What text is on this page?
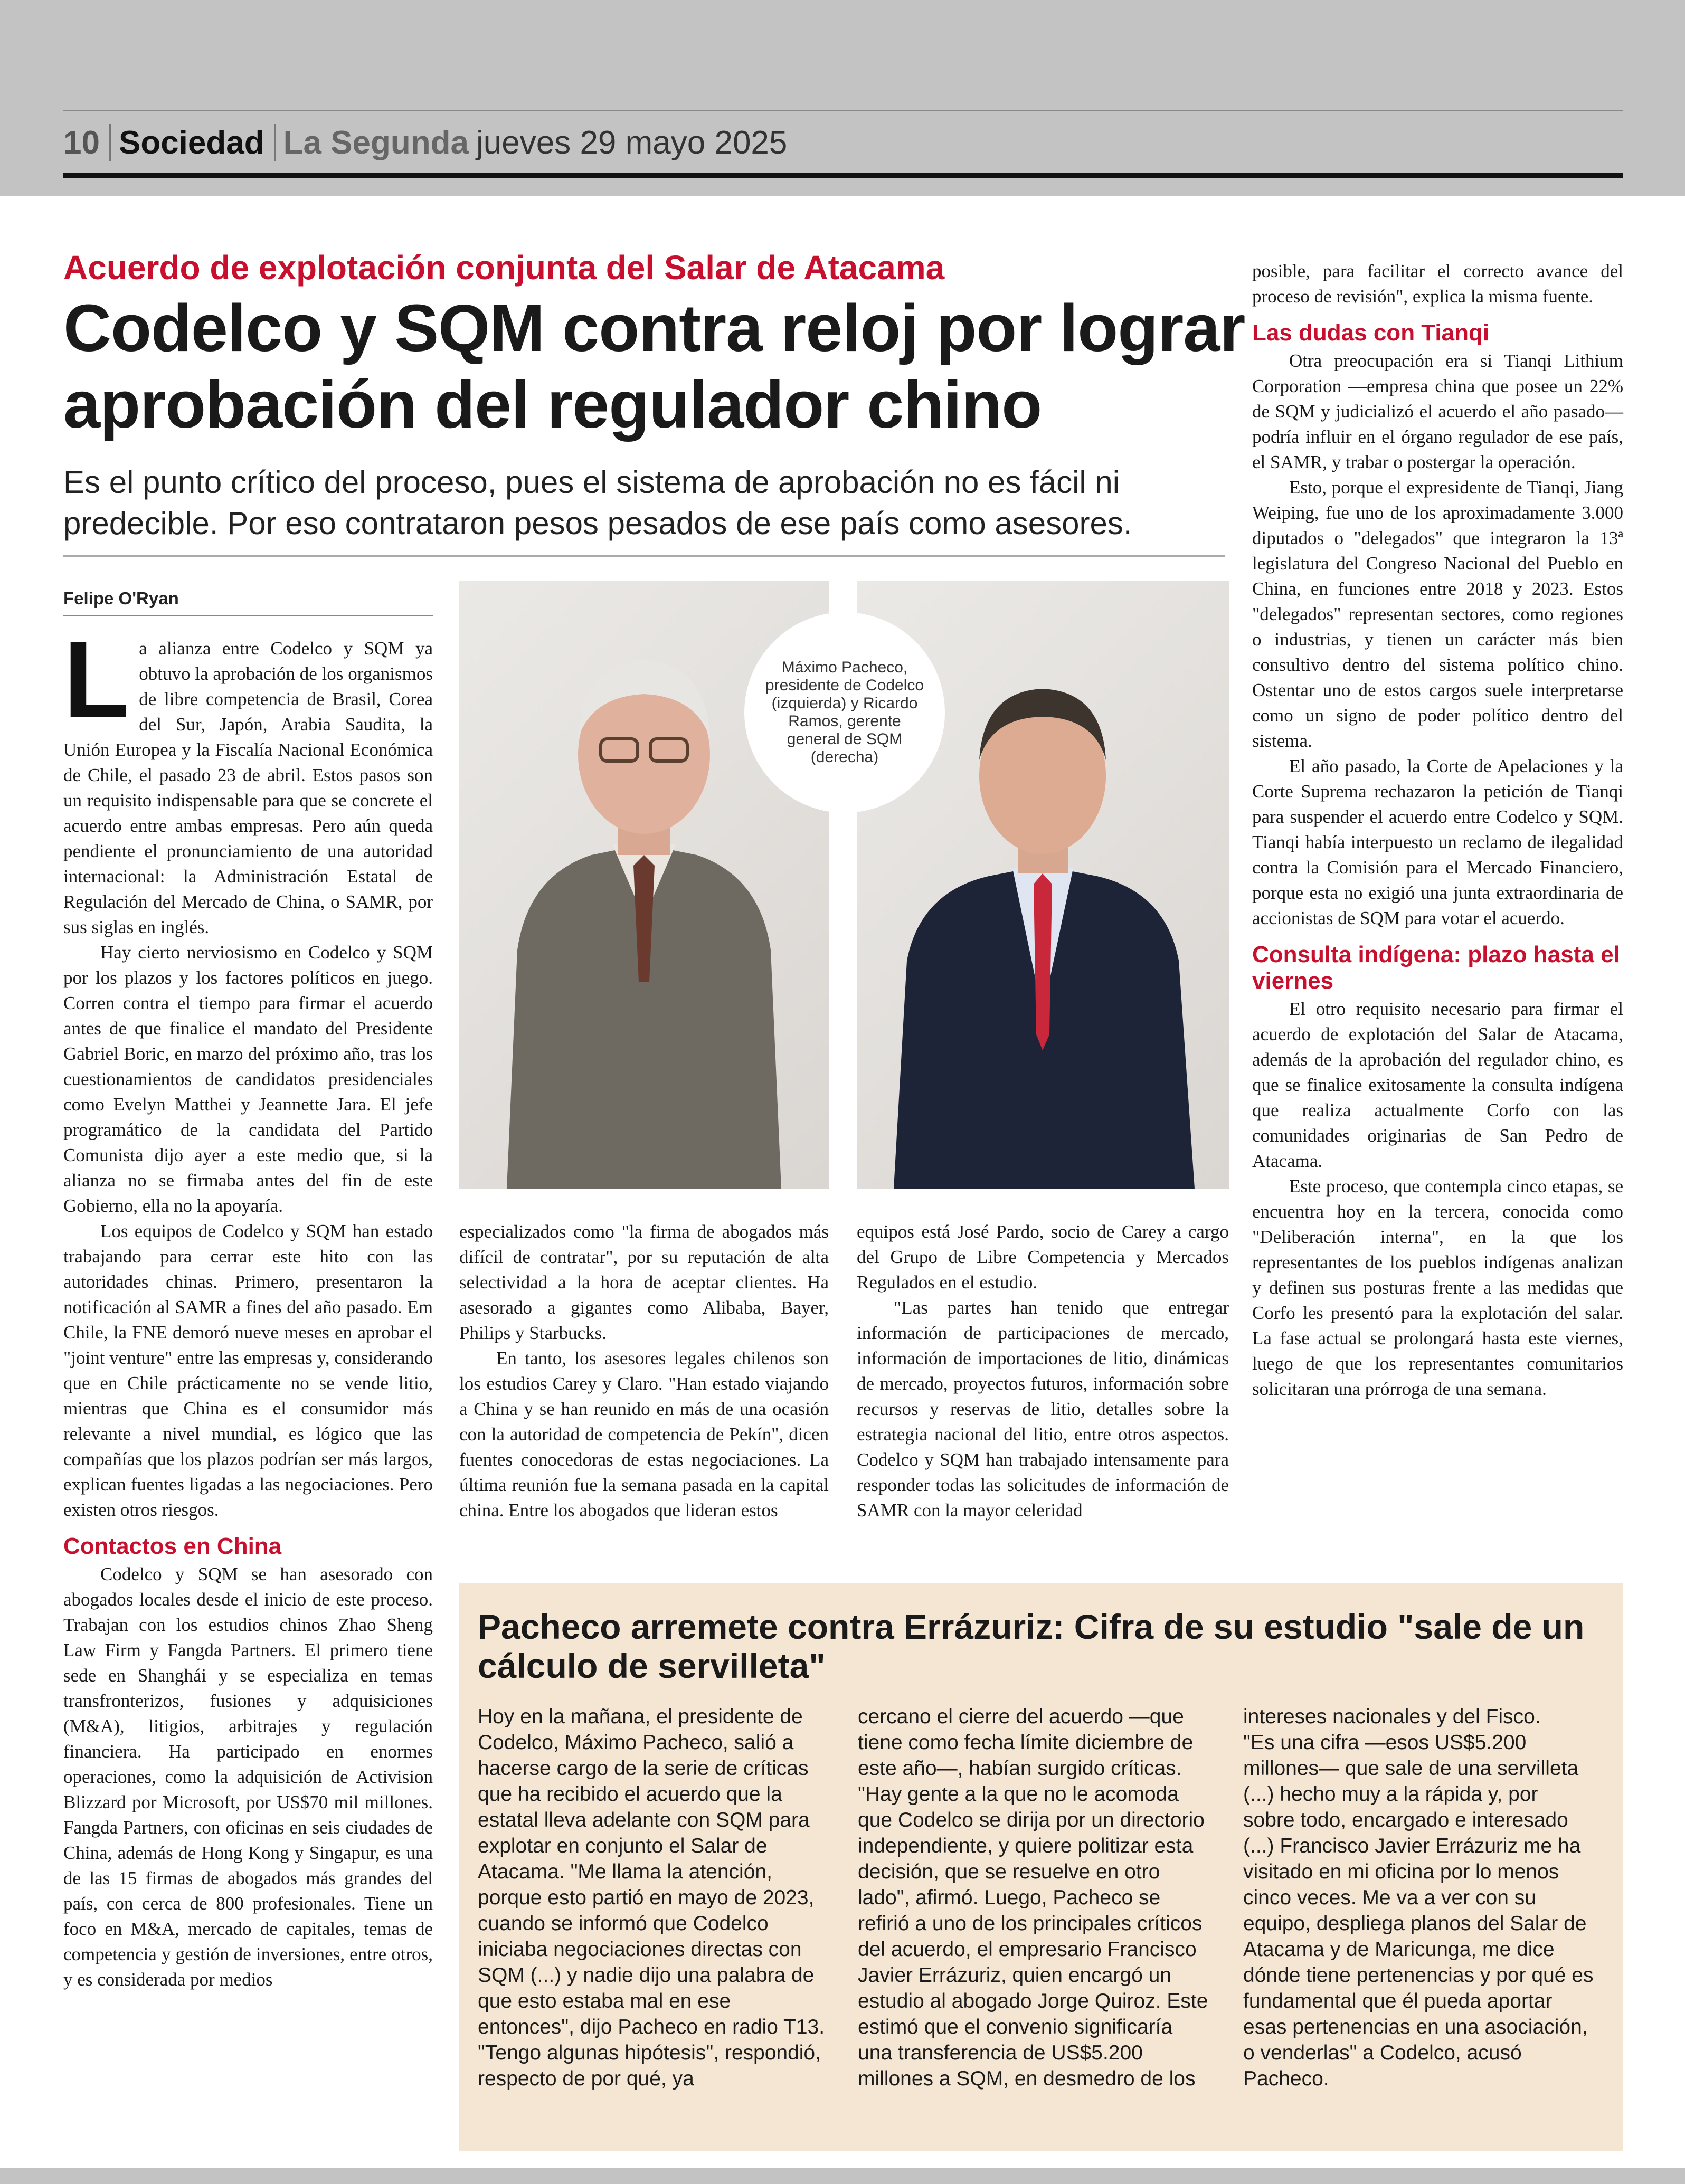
10 Sociedad La Segunda jueves 29 mayo 2025
Acuerdo de explotación conjunta del Salar de Atacama
Codelco y SQM contra reloj por lograr aprobación del regulador chino
Es el punto crítico del proceso, pues el sistema de aprobación no es fácil ni predecible. Por eso contrataron pesos pesados de ese país como asesores.
Felipe O'Ryan
L a alianza entre Codelco y SQM ya obtuvo la aprobación de los organismos de libre competencia de Brasil, Corea del Sur, Japón, Arabia Saudita, la Unión Europea y la Fiscalía Nacional Económica de Chile, el pasado 23 de abril. Estos pasos son un requisito indispensable para que se concrete el acuerdo entre ambas empresas. Pero aún queda pendiente el pronunciamiento de una autoridad internacional: la Administración Estatal de Regulación del Mercado de China, o SAMR, por sus siglas en inglés.

Hay cierto nerviosismo en Codelco y SQM por los plazos y los factores políticos en juego. Corren contra el tiempo para firmar el acuerdo antes de que finalice el mandato del Presidente Gabriel Boric, en marzo del próximo año, tras los cuestionamientos de candidatos presidenciales como Evelyn Matthei y Jeannette Jara. El jefe programático de la candidata del Partido Comunista dijo ayer a este medio que, si la alianza no se firmaba antes del fin de este Gobierno, ella no la apoyaría.

Los equipos de Codelco y SQM han estado trabajando para cerrar este hito con las autoridades chinas. Primero, presentaron la notificación al SAMR a fines del año pasado. Em Chile, la FNE demoró nueve meses en aprobar el "joint venture" entre las empresas y, considerando que en Chile prácticamente no se vende litio, mientras que China es el consumidor más relevante a nivel mundial, es lógico que las compañías que los plazos podrían ser más largos, explican fuentes ligadas a las negociaciones. Pero existen otros riesgos.

Contactos en China

Codelco y SQM se han asesorado con abogados locales desde el inicio de este proceso. Trabajan con los estudios chinos Zhao Sheng Law Firm y Fangda Partners. El primero tiene sede en Shanghái y se especializa en temas transfronterizos, fusiones y adquisiciones (M&A), litigios, arbitrajes y regulación financiera. Ha participado en enormes operaciones, como la adquisición de Activision Blizzard por Microsoft, por US$70 mil millones. Fangda Partners, con oficinas en seis ciudades de China, además de Hong Kong y Singapur, es una de las 15 firmas de abogados más grandes del país, con cerca de 800 profesionales. Tiene un foco en M&A, mercado de capitales, temas de competencia y gestión de inversiones, entre otros, y es considerada por medios

Máximo Pacheco, presidente de Codelco (izquierda) y Ricardo Ramos, gerente general de SQM (derecha)

especializados como "la firma de abogados más difícil de contratar", por su reputación de alta selectividad a la hora de aceptar clientes. Ha asesorado a gigantes como Alibaba, Bayer, Philips y Starbucks.

En tanto, los asesores legales chilenos son los estudios Carey y Claro. "Han estado viajando a China y se han reunido en más de una ocasión con la autoridad de competencia de Pekín", dicen fuentes conocedoras de estas negociaciones. La última reunión fue la semana pasada en la capital china. Entre los abogados que lideran estos

equipos está José Pardo, socio de Carey a cargo del Grupo de Libre Competencia y Mercados Regulados en el estudio.

"Las partes han tenido que entregar información de participaciones de mercado, información de importaciones de litio, dinámicas de mercado, proyectos futuros, información sobre recursos y reservas de litio, detalles sobre la estrategia nacional del litio, entre otros aspectos. Codelco y SQM han trabajado intensamente para responder todas las solicitudes de información de SAMR con la mayor celeridad

posible, para facilitar el correcto avance del proceso de revisión", explica la misma fuente.

Las dudas con Tianqi

Otra preocupación era si Tianqi Lithium Corporation —empresa china que posee un 22% de SQM y judicializó el acuerdo el año pasado— podría influir en el órgano regulador de ese país, el SAMR, y trabar o postergar la operación.

Esto, porque el expresidente de Tianqi, Jiang Weiping, fue uno de los aproximadamente 3.000 diputados o "delegados" que integraron la 13ª legislatura del Congreso Nacional del Pueblo en China, en funciones entre 2018 y 2023. Estos "delegados" representan sectores, como regiones o industrias, y tienen un carácter más bien consultivo dentro del sistema político chino. Ostentar uno de estos cargos suele interpretarse como un signo de poder político dentro del sistema.

El año pasado, la Corte de Apelaciones y la Corte Suprema rechazaron la petición de Tianqi para suspender el acuerdo entre Codelco y SQM. Tianqi había interpuesto un reclamo de ilegalidad contra la Comisión para el Mercado Financiero, porque esta no exigió una junta extraordinaria de accionistas de SQM para votar el acuerdo.

Consulta indígena: plazo hasta el viernes

El otro requisito necesario para firmar el acuerdo de explotación del Salar de Atacama, además de la aprobación del regulador chino, es que se finalice exitosamente la consulta indígena que realiza actualmente Corfo con las comunidades originarias de San Pedro de Atacama.

Este proceso, que contempla cinco etapas, se encuentra hoy en la tercera, conocida como "Deliberación interna", en la que los representantes de los pueblos indígenas analizan y definen sus posturas frente a las medidas que Corfo les presentó para la explotación del salar. La fase actual se prolongará hasta este viernes, luego de que los representantes comunitarios solicitaran una prórroga de una semana.

Pacheco arremete contra Errázuriz: Cifra de su estudio "sale de un cálculo de servilleta"
Hoy en la mañana, el presidente de Codelco, Máximo Pacheco, salió a hacerse cargo de la serie de críticas que ha recibido el acuerdo que la estatal lleva adelante con SQM para explotar en conjunto el Salar de Atacama. "Me llama la atención, porque esto partió en mayo de 2023, cuando se informó que Codelco iniciaba negociaciones directas con SQM (...) y nadie dijo una palabra de que esto estaba mal en ese entonces", dijo Pacheco en radio T13. "Tengo algunas hipótesis", respondió, respecto de por qué, ya
cercano el cierre del acuerdo —que tiene como fecha límite diciembre de este año—, habían surgido críticas. "Hay gente a la que no le acomoda que Codelco se dirija por un directorio independiente, y quiere politizar esta decisión, que se resuelve en otro lado", afirmó. Luego, Pacheco se refirió a uno de los principales críticos del acuerdo, el empresario Francisco Javier Errázuriz, quien encargó un estudio al abogado Jorge Quiroz. Este estimó que el convenio significaría una transferencia de US$5.200 millones a SQM, en desmedro de los
intereses nacionales y del Fisco.
"Es una cifra —esos US$5.200 millones— que sale de una servilleta (...) hecho muy a la rápida y, por sobre todo, encargado e interesado (...) Francisco Javier Errázuriz me ha visitado en mi oficina por lo menos cinco veces. Me va a ver con su equipo, despliega planos del Salar de Atacama y de Maricunga, me dice dónde tiene pertenencias y por qué es fundamental que él pueda aportar esas pertenencias en una asociación, o venderlas" a Codelco, acusó Pacheco.
